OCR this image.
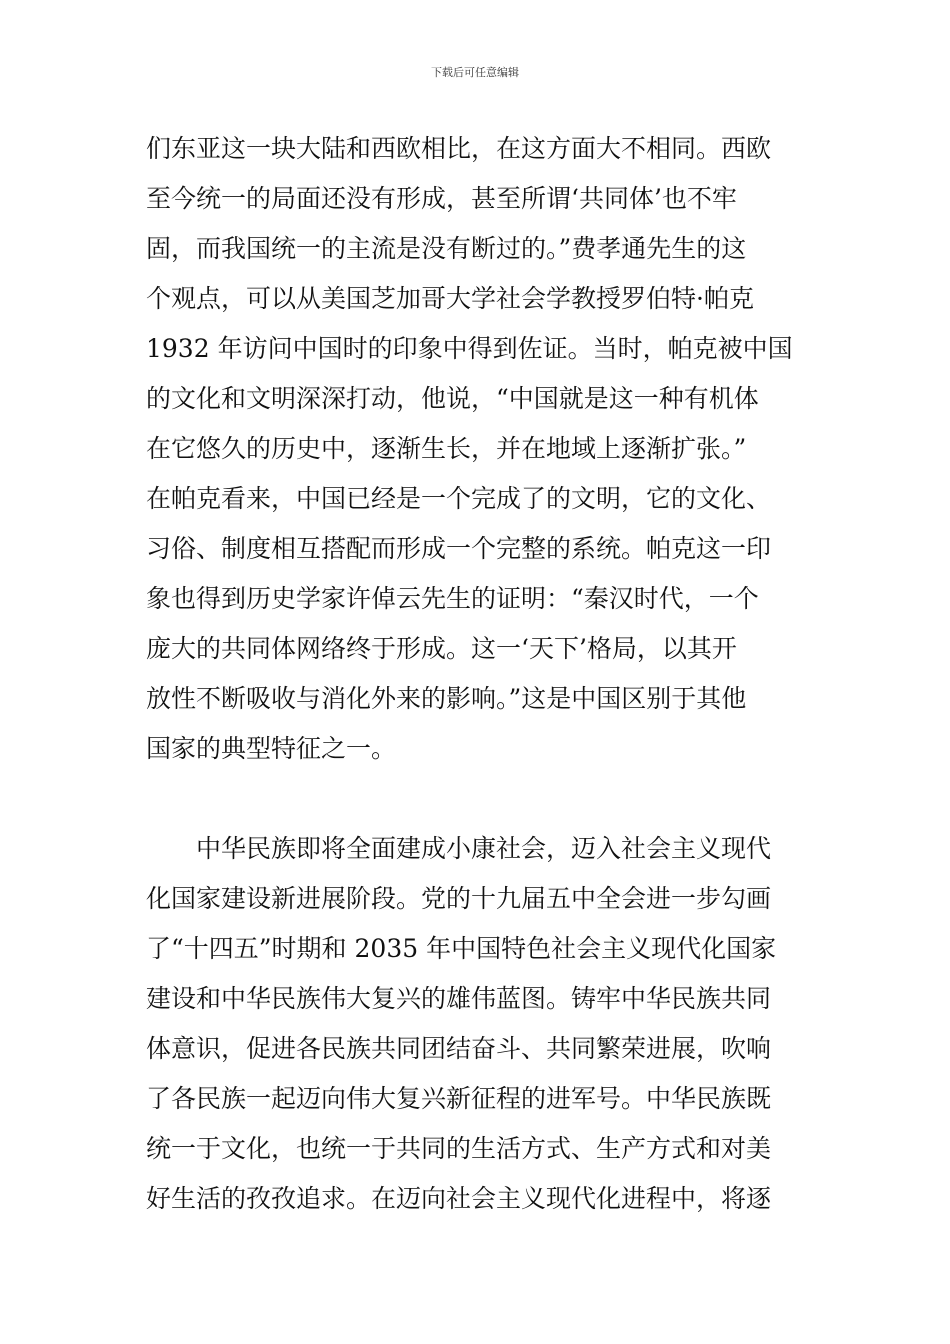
下载后可任意编辑
们东亚这一块大陆和西欧相比，在这方面大不相同。西欧
至今统一的局面还没有形成，甚至所谓‘共同体’也不牢
固，而我国统一的主流是没有断过的。”费孝通先生的这
个观点，可以从美国芝加哥大学社会学教授罗伯特·帕克
1932 年访问中国时的印象中得到佐证。当时，帕克被中国
的文化和文明深深打动，他说，“中国就是这一种有机体
在它悠久的历史中，逐渐生长，并在地域上逐渐扩张。”
在帕克看来，中国已经是一个完成了的文明，它的文化、
习俗、制度相互搭配而形成一个完整的系统。帕克这一印
象也得到历史学家许倬云先生的证明：“秦汉时代，一个
庞大的共同体网络终于形成。这一‘天下’格局，以其开
放性不断吸收与消化外来的影响。”这是中国区别于其他
国家的典型特征之一。
中华民族即将全面建成小康社会，迈入社会主义现代
化国家建设新进展阶段。党的十九届五中全会进一步勾画
了“十四五”时期和 2035 年中国特色社会主义现代化国家
建设和中华民族伟大复兴的雄伟蓝图。铸牢中华民族共同
体意识，促进各民族共同团结奋斗、共同繁荣进展，吹响
了各民族一起迈向伟大复兴新征程的进军号。中华民族既
统一于文化，也统一于共同的生活方式、生产方式和对美
好生活的孜孜追求。在迈向社会主义现代化进程中，将逐
